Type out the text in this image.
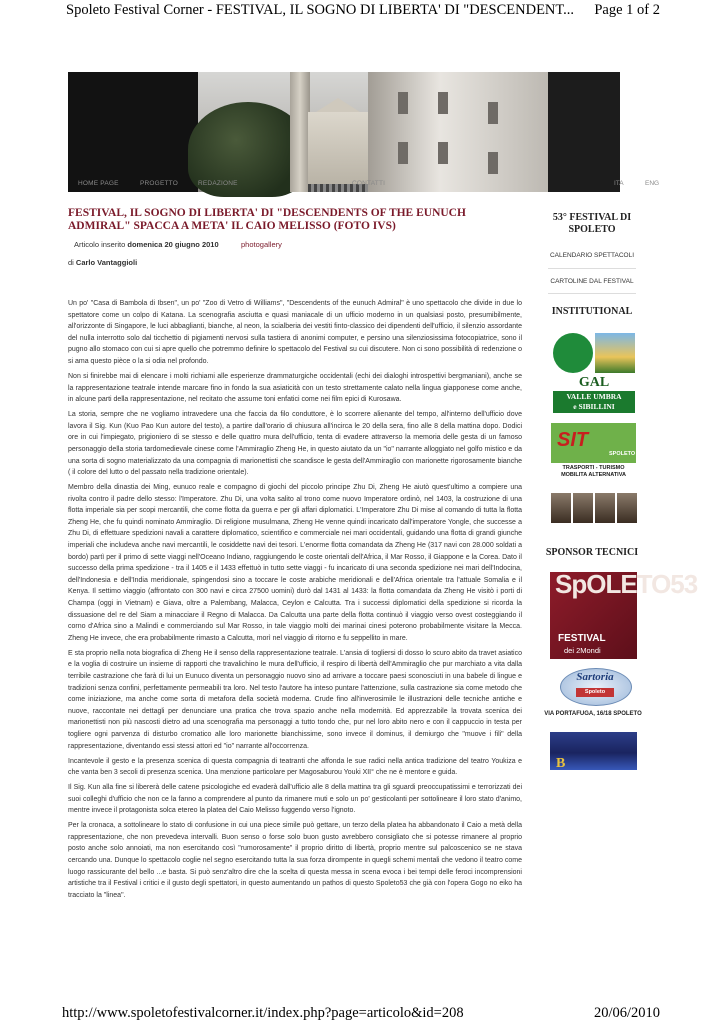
Spoleto Festival Corner - FESTIVAL, IL SOGNO DI LIBERTA' DI "DESCENDENT... Page 1 of 2
HOME PAGE	PROGETTO	REDAZIONE	CONTATTI	ITA	ENG
FESTIVAL, IL SOGNO DI LIBERTA' DI "DESCENDENTS OF THE EUNUCH ADMIRAL" SPACCA A META' IL CAIO MELISSO (FOTO IVS)
Articolo inserito domenica 20 giugno 2010	photogallery
di Carlo Vantaggioli

Un po' "Casa di Bambola di Ibsen", un po' "Zoo di Vetro di Williams", "Descendents of the eunuch Admiral" è uno spettacolo che divide in due lo spettatore come un colpo di Katana. La scenografia asciutta e quasi maniacale di un ufficio moderno in un qualsiasi posto, presumibilmente, all'orizzonte di Singapore, le luci abbaglianti, bianche, al neon, la scialberia dei vestiti finto-classico dei dipendenti dell'ufficio, il silenzio assordante del nulla interrotto solo dal ticchettio di pigiamenti nervosi sulla tastiera di anonimi computer, e persino una silenziosissima fotocopiatrice, sono il pugno allo stomaco con cui si apre quello che potremmo definire lo spettacolo del Festival su cui discutere. Non ci sono possibilità di redenzione o si ama questo pièce o la si odia nel profondo.

Non si finirebbe mai di elencare i molti richiami alle esperienze drammaturgiche occidentali (echi dei dialoghi introspettivi bergmaniani), anche se la rappresentazione teatrale intende marcare fino in fondo la sua asiaticità con un testo strettamente calato nella lingua giapponese come anche, in alcune parti della rappresentazione, nel recitato che assume toni enfatici come nei film epici di Kurosawa.

La storia, sempre che ne vogliamo intravedere una che faccia da filo conduttore, è lo scorrere alienante del tempo, all'interno dell'ufficio dove lavora il Sig. Kun (Kuo Pao Kun autore del testo), a partire dall'orario di chiusura all'incirca le 20 della sera, fino alle 8 della mattina dopo. Dodici ore in cui l'impiegato, prigioniero di se stesso e delle quattro mura dell'ufficio, tenta di evadere attraverso la memoria delle gesta di un famoso personaggio della storia tardomedievale cinese come l'Ammiraglio Zheng He, in questo aiutato da un "io" narrante alloggiato nel golfo mistico e da una sorta di sogno materializzato da una compagnia di marionettisti che scandisce le gesta dell'Ammiraglio con marionette rigorosamente bianche ( il colore del lutto o del passato nella tradizione orientale).

Membro della dinastia dei Ming, eunuco reale e compagno di giochi del piccolo principe Zhu Di, Zheng He aiutò quest'ultimo a compiere una rivolta contro il padre dello stesso: l'Imperatore. Zhu Di, una volta salito al trono come nuovo Imperatore ordinò, nel 1403, la costruzione di una flotta imperiale sia per scopi mercantili, che come flotta da guerra e per gli affari diplomatici. L'Imperatore Zhu Di mise al comando di tutta la flotta Zheng He, che fu quindi nominato Ammiraglio. Di religione musulmana, Zheng He venne quindi incaricato dall'imperatore Yongle, che successe a Zhu Di, di effettuare spedizioni navali a carattere diplomatico, scientifico e commerciale nei mari occidentali, guidando una flotta di grandi giunche imperiali che includeva anche navi mercantili, le cosiddette navi dei tesori. L'enorme flotta comandata da Zheng He (317 navi con 28.000 soldati a bordo) partì per il primo di sette viaggi nell'Oceano Indiano, raggiungendo le coste orientali dell'Africa, il Mar Rosso, il Giappone e la Corea. Dato il successo della prima spedizione - tra il 1405 e il 1433 effettuò in tutto sette viaggi - fu incaricato di una seconda spedizione nei mari dell'Indocina, dell'Indonesia e dell'India meridionale, spingendosi sino a toccare le coste arabiche meridionali e dell'Africa orientale tra l'attuale Somalia e il Kenya. Il settimo viaggio (affrontato con 300 navi e circa 27500 uomini) durò dal 1431 al 1433: la flotta comandata da Zheng He visitò i porti di Champa (oggi in Vietnam) e Giava, oltre a Palembang, Malacca, Ceylon e Calcutta. Tra i successi diplomatici della spedizione si ricorda la dissuasione del re del Siam a minacciare il Regno di Malacca. Da Calcutta una parte della flotta continuò il viaggio verso ovest costeggiando il corno d'Africa sino a Malindi e commerciando sul Mar Rosso, in tale viaggio molti dei marinai cinesi poterono probabilmente visitare la Mecca. Zheng He invece, che era probabilmente rimasto a Calcutta, morì nel viaggio di ritorno e fu seppellito in mare.

E sta proprio nella nota biografica di Zheng He il senso della rappresentazione teatrale. L'ansia di togliersi di dosso lo scuro abito da travet asiatico e la voglia di costruire un insieme di rapporti che travalichino le mura dell'ufficio, il respiro di libertà dell'Ammiraglio che pur marchiato a vita dalla terribile castrazione che farà di lui un Eunuco diventa un personaggio nuovo sino ad arrivare a toccare paesi sconosciuti in una babele di lingue e tradizioni senza confini, perfettamente permeabili tra loro. Nel testo l'autore ha inteso puntare l'attenzione, sulla castrazione sia come metodo che come iniziazione, ma anche come sorta di metafora della società moderna. Crude fino all'inverosimile le illustrazioni delle tecniche antiche e nuove, raccontate nei dettagli per denunciare una pratica che trova spazio anche nella modernità. Ed apprezzabile la trovata scenica dei marionettisti non più nascosti dietro ad una scenografia ma personaggi a tutto tondo che, pur nel loro abito nero e con il cappuccio in testa per togliere ogni parvenza di disturbo cromatico alle loro marionette bianchissime, sono invece il dominus, il demiurgo che "muove i fili" della rappresentazione, diventando essi stessi attori ed "io" narrante all'occorrenza.

Incantevole il gesto e la presenza scenica di questa compagnia di teatranti che affonda le sue radici nella antica tradizione del teatro Youkiza e che vanta ben 3 secoli di presenza scenica. Una menzione particolare per Magosaburou Youki XII° che ne è mentore e guida.

Il Sig. Kun alla fine si libererà delle catene psicologiche ed evaderà dall'ufficio alle 8 della mattina tra gli sguardi preoccupatissimi e terrorizzati dei suoi colleghi d'ufficio che non ce la fanno a comprendere al punto da rimanere muti e solo un po' gesticolanti per sottolineare il loro stato d'animo, mentre invece il protagonista solca etereo la platea del Caio Melisso fuggendo verso l'ignoto.

Per la cronaca, a sottolineare lo stato di confusione in cui una piece simile può gettare, un terzo della platea ha abbandonato il Caio a metà della rappresentazione, che non prevedeva intervalli. Buon senso o forse solo buon gusto avrebbero consigliato che si potesse rimanere al proprio posto anche solo annoiati, ma non esercitando così "rumorosamente" il proprio diritto di libertà, proprio mentre sul palcoscenico se ne stava cercando una. Dunque lo spettacolo coglie nel segno esercitando tutta la sua forza dirompente in quegli schemi mentali che vedono il teatro come luogo rassicurante del bello ...e basta. Si può senz'altro dire che la scelta di questa messa in scena evoca i bei tempi delle feroci incomprensioni artistiche tra il Festival i critici e il gusto degli spettatori, in questo aumentando un pathos di questo Spoleto53 che già con l'opera Gogo no eiko ha tracciato la "linea".

53° FESTIVAL DI SPOLETO
CALENDARIO SPETTACOLI
CARTOLINE DAL FESTIVAL
INSTITUTIONAL
GAL
VALLE UMBRA
e SIBILLINI
SIT
SPOLETO
TRASPORTI - TURISMO
MOBILITA ALTERNATIVA
SPONSOR TECNICI
SpOLETO53
FESTIVAL
dei 2Mondi
Sartoria
Spoleto
VIA PORTAFUGA, 16/18 SPOLETO
B
http://www.spoletofestivalcorner.it/index.php?page=articolo&id=208	20/06/2010
